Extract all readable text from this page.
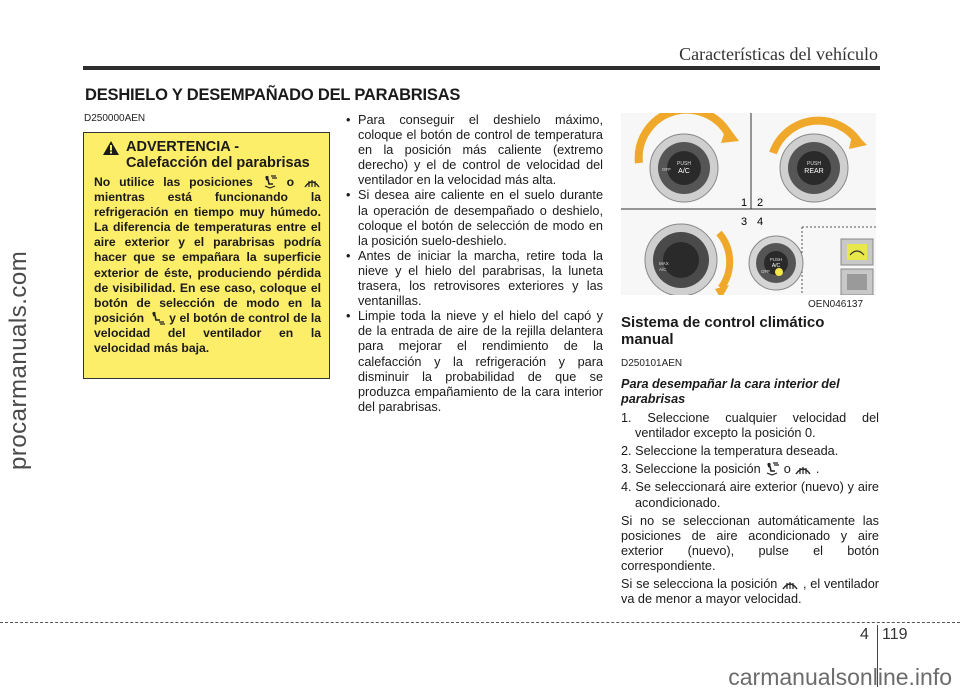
Características del vehículo
procarmanuals.com
DESHIELO Y DESEMPAÑADO DEL PARABRISAS
D250000AEN
ADVERTENCIA -
Calefacción del parabrisas
No utilice las posiciones	o  mientras está funcionando la refrigeración en tiempo muy húmedo. La diferencia de temperaturas entre el aire exterior y el parabrisas podría hacer que se empañara la superficie exterior de éste, produciendo pérdida de visibilidad. En ese caso, coloque el botón de selección de modo en la posición y el botón de control de la velocidad del ventilador en la velocidad más baja.
• Para conseguir el deshielo máximo, coloque el botón de control de temperatura en la posición más caliente (extremo derecho) y el de control de velocidad del ventilador en la velocidad más alta.
• Si desea aire caliente en el suelo durante la operación de desempañado o deshielo, coloque el botón de selección de modo en la posición suelo-deshielo.
• Antes de iniciar la marcha, retire toda la nieve y el hielo del parabrisas, la luneta trasera, los retrovisores exteriores y las ventanillas.
• Limpie toda la nieve y el hielo del capó y de la entrada de aire de la rejilla delantera para mejorar el rendimiento de la calefacción y la refrigeración y para disminuir la probabilidad de que se produzca empañamiento de la cara interior del parabrisas.
PUSH
A/C
OFF
PUSH
REAR
1 2
3 4
MAX
A/C	OFF
PUSH
A/C
OEN046137
Sistema de control climático manual
D250101AEN
Para desempañar la cara interior del parabrisas

1. Seleccione cualquier velocidad del ventilador excepto la posición 0.

2. Seleccione la temperatura deseada.

3. Seleccione la posición o .

4. Se seleccionará aire exterior (nuevo) y aire acondicionado.

Si no se seleccionan automáticamente las posiciones de aire acondicionado y aire exterior (nuevo), pulse el botón correspondiente.

Si se selecciona la posición , el ventilador va de menor a mayor velocidad.

4 119
carmanualsonline.info
